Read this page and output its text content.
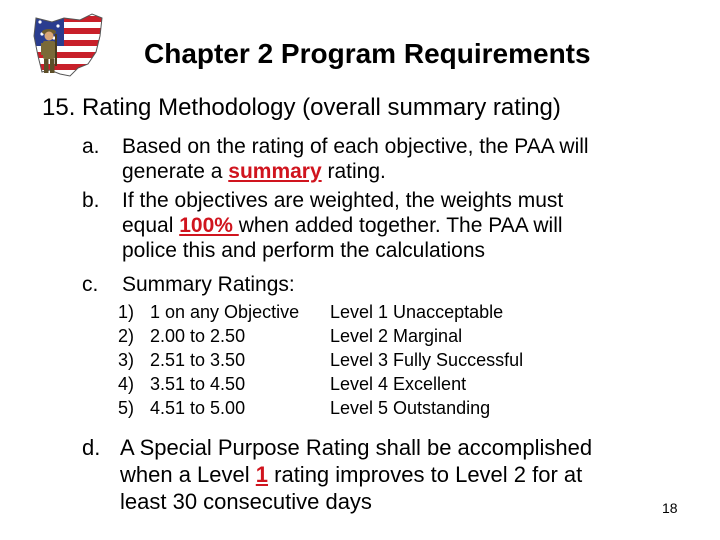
Chapter 2 Program Requirements
15. Rating Methodology (overall summary rating)
a. Based on the rating of each objective, the PAA will
generate a summary rating.
b. If the objectives are weighted, the weights must
equal 100% when added together. The PAA will
police this and perform the calculations
c. Summary Ratings:
1) 1 on any Objective Level 1 Unacceptable
2) 2.00 to 2.50	Level 2 Marginal
3) 2.51 to 3.50	Level 3 Fully Successful
4) 3.51 to 4.50	Level 4 Excellent
5) 4.51 to 5.00	Level 5 Outstanding
d. A Special Purpose Rating shall be accomplished
when a Level 1 rating improves to Level 2 for at
least 30 consecutive days	18
